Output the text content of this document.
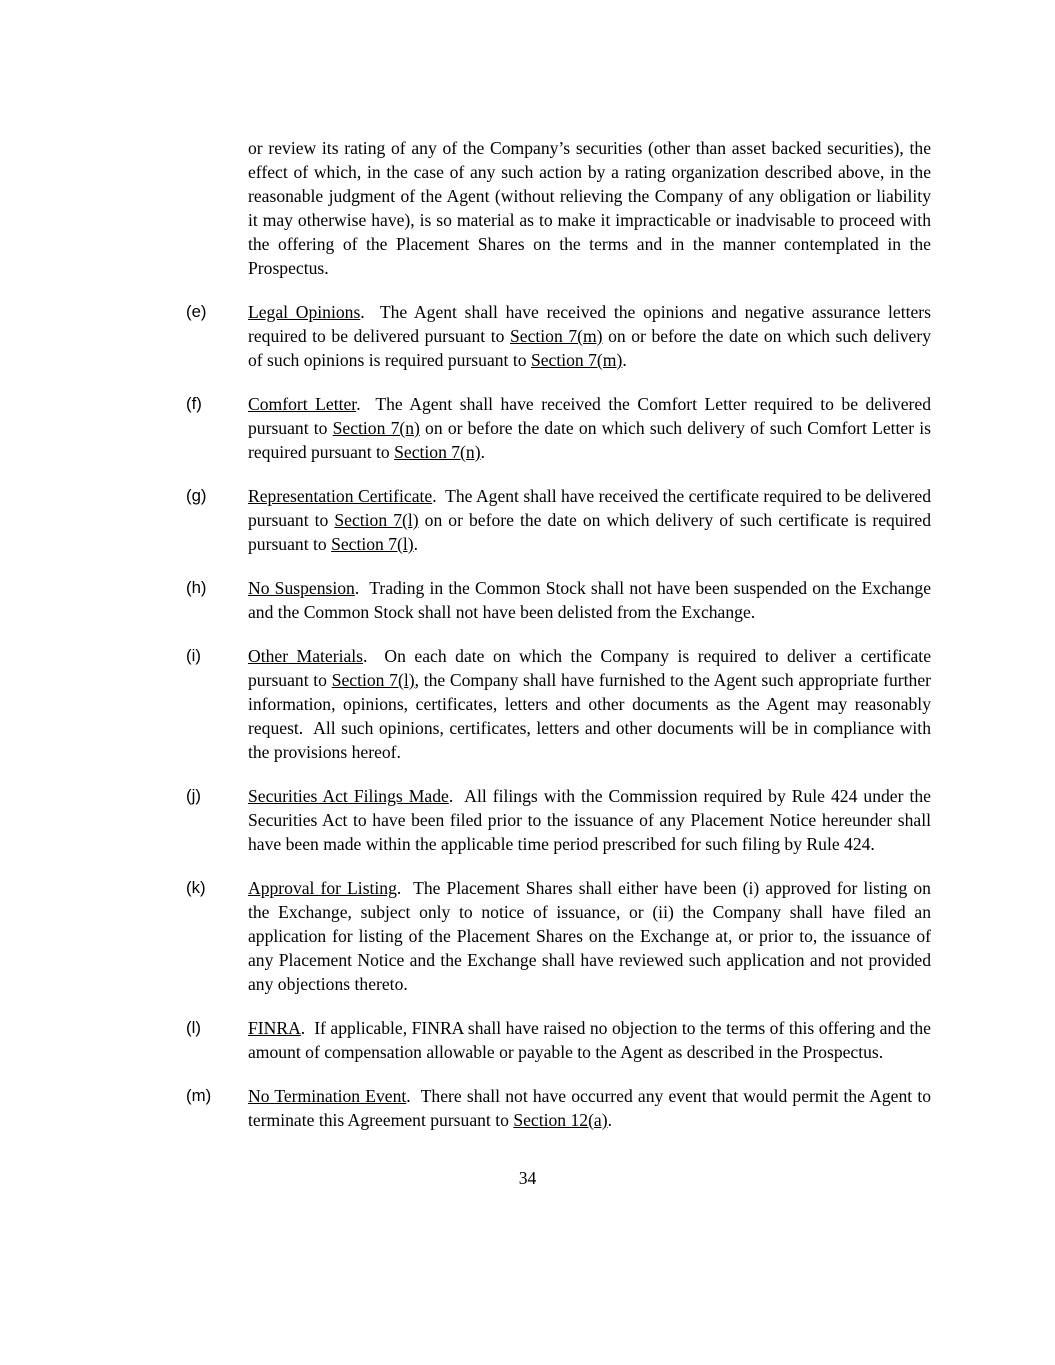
or review its rating of any of the Company’s securities (other than asset backed securities), the effect of which, in the case of any such action by a rating organization described above, in the reasonable judgment of the Agent (without relieving the Company of any obligation or liability it may otherwise have), is so material as to make it impracticable or inadvisable to proceed with the offering of the Placement Shares on the terms and in the manner contemplated in the Prospectus.
(e)	Legal Opinions.  The Agent shall have received the opinions and negative assurance letters required to be delivered pursuant to Section 7(m) on or before the date on which such delivery of such opinions is required pursuant to Section 7(m).
(f)	Comfort Letter.  The Agent shall have received the Comfort Letter required to be delivered pursuant to Section 7(n) on or before the date on which such delivery of such Comfort Letter is required pursuant to Section 7(n).
(g)	Representation Certificate.  The Agent shall have received the certificate required to be delivered pursuant to Section 7(l) on or before the date on which delivery of such certificate is required pursuant to Section 7(l).
(h)	No Suspension.  Trading in the Common Stock shall not have been suspended on the Exchange and the Common Stock shall not have been delisted from the Exchange.
(i)	Other Materials.  On each date on which the Company is required to deliver a certificate pursuant to Section 7(l), the Company shall have furnished to the Agent such appropriate further information, opinions, certificates, letters and other documents as the Agent may reasonably request.  All such opinions, certificates, letters and other documents will be in compliance with the provisions hereof.
(j)	Securities Act Filings Made.  All filings with the Commission required by Rule 424 under the Securities Act to have been filed prior to the issuance of any Placement Notice hereunder shall have been made within the applicable time period prescribed for such filing by Rule 424.
(k)	Approval for Listing.  The Placement Shares shall either have been (i) approved for listing on the Exchange, subject only to notice of issuance, or (ii) the Company shall have filed an application for listing of the Placement Shares on the Exchange at, or prior to, the issuance of any Placement Notice and the Exchange shall have reviewed such application and not provided any objections thereto.
(l)	FINRA.  If applicable, FINRA shall have raised no objection to the terms of this offering and the amount of compensation allowable or payable to the Agent as described in the Prospectus.
(m)	No Termination Event.  There shall not have occurred any event that would permit the Agent to terminate this Agreement pursuant to Section 12(a).
34
